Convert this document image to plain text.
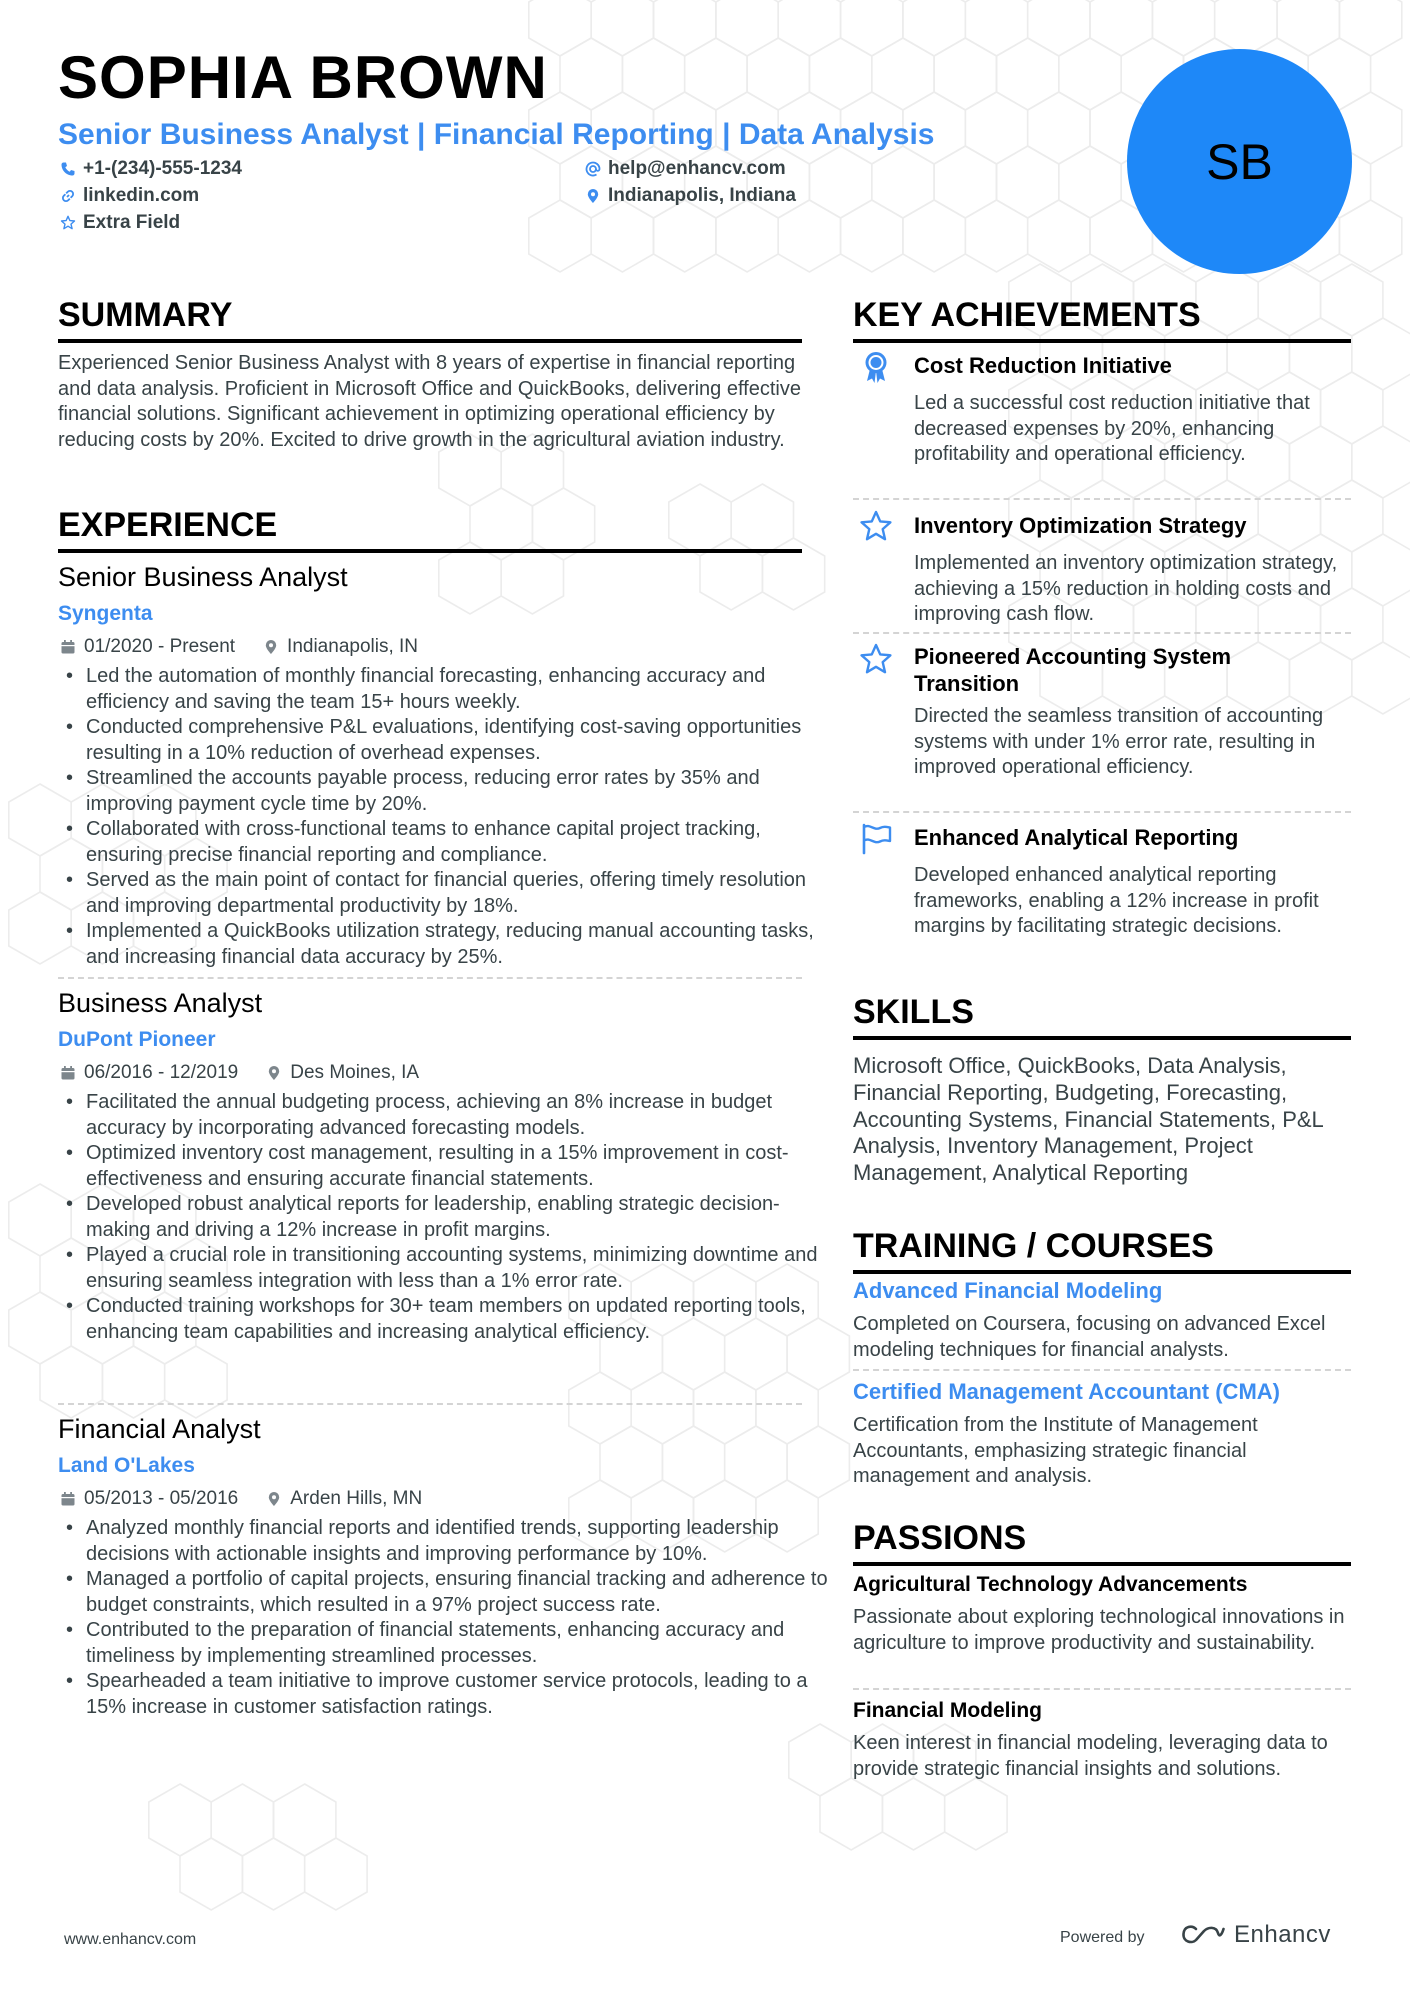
SOPHIA BROWN

Senior Business Analyst | Financial Reporting | Data Analysis

+1-(234)-555-1234	help@enhancv.com
linkedin.com	Indianapolis, Indiana
Extra Field
SB
SUMMARY

Experienced Senior Business Analyst with 8 years of expertise in financial reporting and data analysis. Proficient in Microsoft Office and QuickBooks, delivering effective financial solutions. Significant achievement in optimizing operational efficiency by reducing costs by 20%. Excited to drive growth in the agricultural aviation industry.

EXPERIENCE

Senior Business Analyst

Syngenta

01/2020 - Present	Indianapolis, IN
• Led the automation of monthly financial forecasting, enhancing accuracy and efficiency and saving the team 15+ hours weekly.
• Conducted comprehensive P&L evaluations, identifying cost-saving opportunities resulting in a 10% reduction of overhead expenses.
• Streamlined the accounts payable process, reducing error rates by 35% and improving payment cycle time by 20%.
• Collaborated with cross-functional teams to enhance capital project tracking, ensuring precise financial reporting and compliance.
• Served as the main point of contact for financial queries, offering timely resolution and improving departmental productivity by 18%.
• Implemented a QuickBooks utilization strategy, reducing manual accounting tasks, and increasing financial data accuracy by 25%.

Business Analyst

DuPont Pioneer

06/2016 - 12/2019	Des Moines, IA
• Facilitated the annual budgeting process, achieving an 8% increase in budget accuracy by incorporating advanced forecasting models.
• Optimized inventory cost management, resulting in a 15% improvement in cost-effectiveness and ensuring accurate financial statements.
• Developed robust analytical reports for leadership, enabling strategic decision-making and driving a 12% increase in profit margins.
• Played a crucial role in transitioning accounting systems, minimizing downtime and ensuring seamless integration with less than a 1% error rate.
• Conducted training workshops for 30+ team members on updated reporting tools, enhancing team capabilities and increasing analytical efficiency.

Financial Analyst

Land O'Lakes

05/2013 - 05/2016	Arden Hills, MN
• Analyzed monthly financial reports and identified trends, supporting leadership decisions with actionable insights and improving performance by 10%.
• Managed a portfolio of capital projects, ensuring financial tracking and adherence to budget constraints, which resulted in a 97% project success rate.
• Contributed to the preparation of financial statements, enhancing accuracy and timeliness by implementing streamlined processes.
• Spearheaded a team initiative to improve customer service protocols, leading to a 15% increase in customer satisfaction ratings.
KEY ACHIEVEMENTS

Cost Reduction Initiative

Led a successful cost reduction initiative that decreased expenses by 20%, enhancing profitability and operational efficiency.

Inventory Optimization Strategy

Implemented an inventory optimization strategy, achieving a 15% reduction in holding costs and improving cash flow.

Pioneered Accounting System Transition

Directed the seamless transition of accounting systems with under 1% error rate, resulting in improved operational efficiency.

Enhanced Analytical Reporting

Developed enhanced analytical reporting frameworks, enabling a 12% increase in profit margins by facilitating strategic decisions.

SKILLS

Microsoft Office, QuickBooks, Data Analysis, Financial Reporting, Budgeting, Forecasting, Accounting Systems, Financial Statements, P&L Analysis, Inventory Management, Project Management, Analytical Reporting

TRAINING / COURSES

Advanced Financial Modeling

Completed on Coursera, focusing on advanced Excel modeling techniques for financial analysts.

Certified Management Accountant (CMA)

Certification from the Institute of Management Accountants, emphasizing strategic financial management and analysis.

PASSIONS

Agricultural Technology Advancements

Passionate about exploring technological innovations in agriculture to improve productivity and sustainability.

Financial Modeling

Keen interest in financial modeling, leveraging data to provide strategic financial insights and solutions.

www.enhancv.com	Powered by	Enhancv
